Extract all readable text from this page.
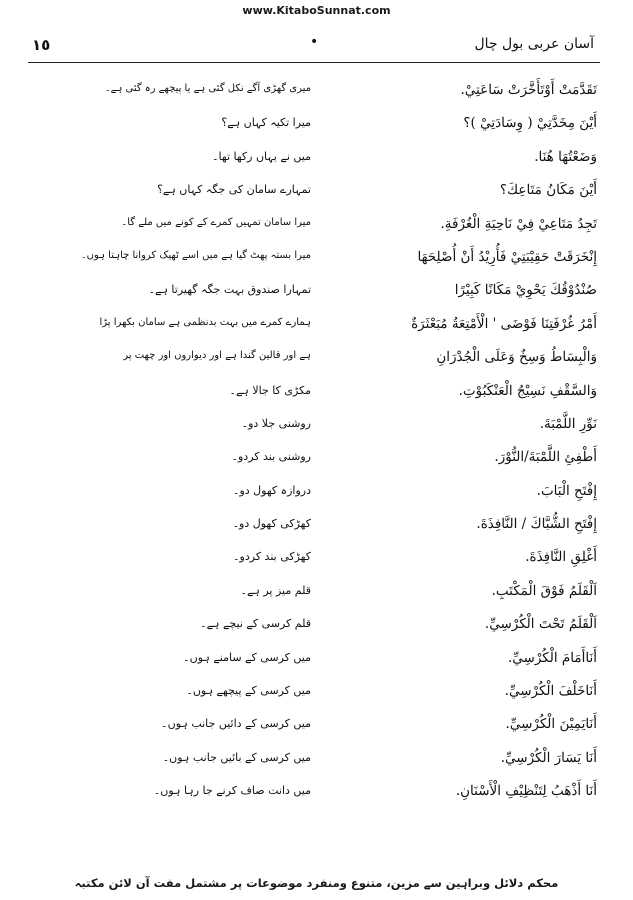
www.KitaboSunnat.com
١٥	•	آسان عربی بول چال
تَقَدَّمَتْ أَوْتَأَخَّرَتْ سَاعَتِيْ.
میری گھڑی آگے نکل گئی ہے یا پیچھے رہ گئی ہے۔
أَيْنَ مِخَدَّتِيْ ( وِسَادَتِيْ )؟
میرا تکیہ کہاں ہے؟
وَضَعْتُهَا هُنَا.
میں نے یہاں رکھا تھا۔
أَيْنَ مَكَانُ مَتَاعِكَ؟
تمہارے سامان کی جگہ کہاں ہے؟
تَجِدُ مَتَاعِيْ فِيْ نَاحِيَةِ الْغُرْفَةِ.
میرا سامان تمہیں کمرے کے کونے میں ملے گا۔
إِنْخَرَقَتْ حَقِيْبَتِيْ فَأُرِيْدُ أَنْ أُصْلِحَهَا
میرا بستہ پھٹ گیا ہے میں اسے ٹھیک کروانا چاہتا ہوں۔
صُنْدُوْقُكَ يَحْوِيْ مَكَانًا كَبِيْرًا
تمہارا صندوق بہت جگہ گھیرتا ہے۔
أَمْرُ غُرْفَتِنَا فَوْضَى ' الْأَمْتِعَةُ مُبَعْثَرَةٌ
ہمارے کمرے میں بہت بدنظمی ہے سامان بکھرا پڑا
وَالْبِسَاطُ وَسِخٌ وَعَلَى الْجُدْرَانِ
ہے اور قالین گندا ہے اور دیواروں اور چھت پر
وَالسَّقْفِ نَسِيْجُ الْعَنْكَبُوْتِ.
مکڑی کا جالا ہے۔
نَوِّرِ اللَّمْبَةَ.
روشنی جلا دو۔
أَطْفِئِ اللَّمْبَةَ/النُّوْرَ.
روشنی بند کردو۔
إِفْتَحِ الْبَابَ.
دروازہ کھول دو۔
إِفْتَحِ الشُّبَّاكَ / النَّافِذَةَ.
کھڑکی کھول دو۔
أَغْلِقِ النَّافِذَةَ.
کھڑکی بند کردو۔
اَلْقَلَمُ فَوْقَ الْمَكْتَبِ.
قلم میز پر ہے۔
اَلْقَلَمُ تَحْتَ الْكُرْسِيِّ.
قلم کرسی کے نیچے ہے۔
أَنَاأَمَامَ الْكُرْسِيِّ.
میں کرسی کے سامنے ہوں۔
أَنَاخَلْفَ الْكُرْسِيِّ.
میں کرسی کے پیچھے ہوں۔
أَنَايَمِيْنَ الْكُرْسِيِّ.
میں کرسی کے دائیں جانب ہوں۔
أَنَا يَسَارَ الْكُرْسِيِّ.
میں کرسی کے بائیں جانب ہوں۔
أَنَا أَذْهَبُ لِتَنْظِيْفِ الْأَسْنَانِ.
میں دانت صاف کرنے جا رہا ہوں۔
محکم دلائل وبراہین سے مزین، متنوع ومنفرد موضوعات پر مشتمل مفت آن لائن مکتبہ
